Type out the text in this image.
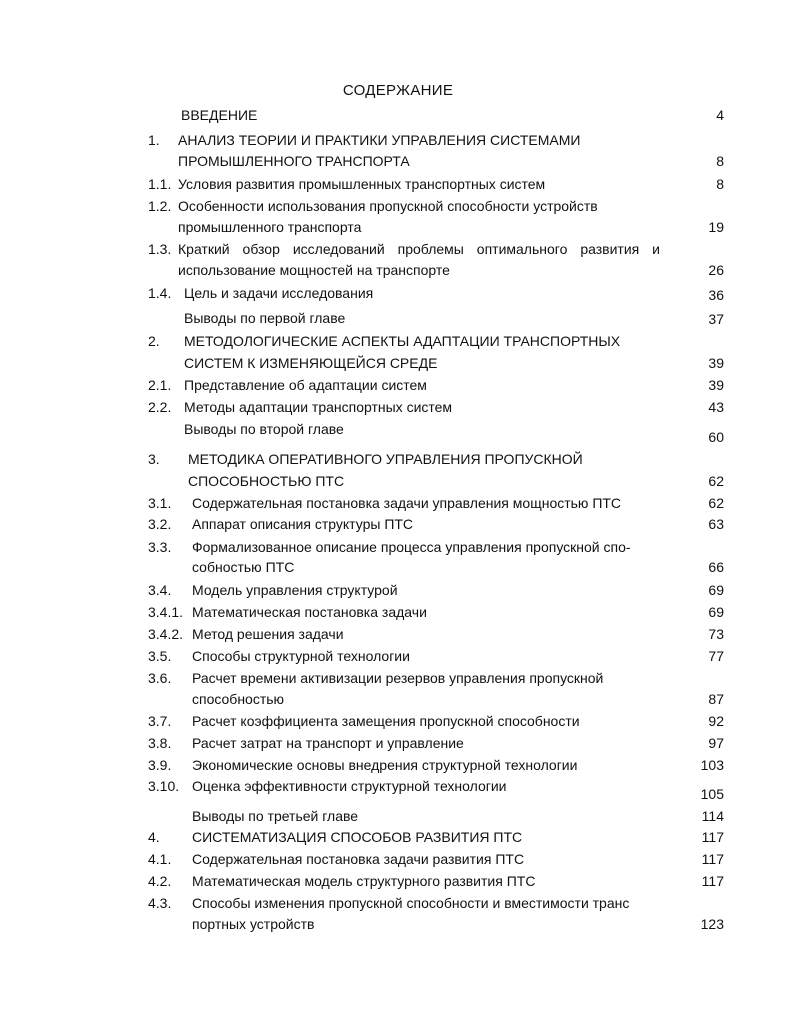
СОДЕРЖАНИЕ
ВВЕДЕНИЕ	4
1. АНАЛИЗ ТЕОРИИ И ПРАКТИКИ УПРАВЛЕНИЯ СИСТЕМАМИ
ПРОМЫШЛЕННОГО ТРАНСПОРТА	8
1.1. Условия развития промышленных транспортных систем	8
1.2. Особенности использования пропускной способности устройств
промышленного транспорта	19
1.3. Краткий обзор исследований проблемы оптимального развития и
использование мощностей на транспорте	26
1.4. Цель и задачи исследования	36
Выводы по первой главе	37
2. МЕТОДОЛОГИЧЕСКИЕ АСПЕКТЫ АДАПТАЦИИ ТРАНСПОРТНЫХ
СИСТЕМ К ИЗМЕНЯЮЩЕЙСЯ СРЕДЕ	39
2.1. Представление об адаптации систем	39
2.2. Методы адаптации транспортных систем	43
Выводы по второй главе	60
3. МЕТОДИКА ОПЕРАТИВНОГО УПРАВЛЕНИЯ ПРОПУСКНОЙ
СПОСОБНОСТЬЮ ПТС	62
3.1. Содержательная постановка задачи управления мощностью ПТС	62
3.2. Аппарат описания структуры ПТС	63
3.3. Формализованное описание процесса управления пропускной спо-
собностью ПТС	66
3.4. Модель управления структурой	69
3.4.1. Математическая постановка задачи	69
3.4.2. Метод решения задачи	73
3.5. Способы структурной технологии	77
3.6. Расчет времени активизации резервов управления пропускной
способностью	87
3.7. Расчет коэффициента замещения пропускной способности	92
3.8. Расчет затрат на транспорт и управление	97
3.9. Экономические основы внедрения структурной технологии	103
3.10. Оценка эффективности структурной технологии	105
Выводы по третьей главе	114
4. СИСТЕМАТИЗАЦИЯ СПОСОБОВ РАЗВИТИЯ ПТС	117
4.1. Содержательная постановка задачи развития ПТС	117
4.2. Математическая модель структурного развития ПТС	117
4.3. Способы изменения пропускной способности и вместимости транс
портных устройств	123
